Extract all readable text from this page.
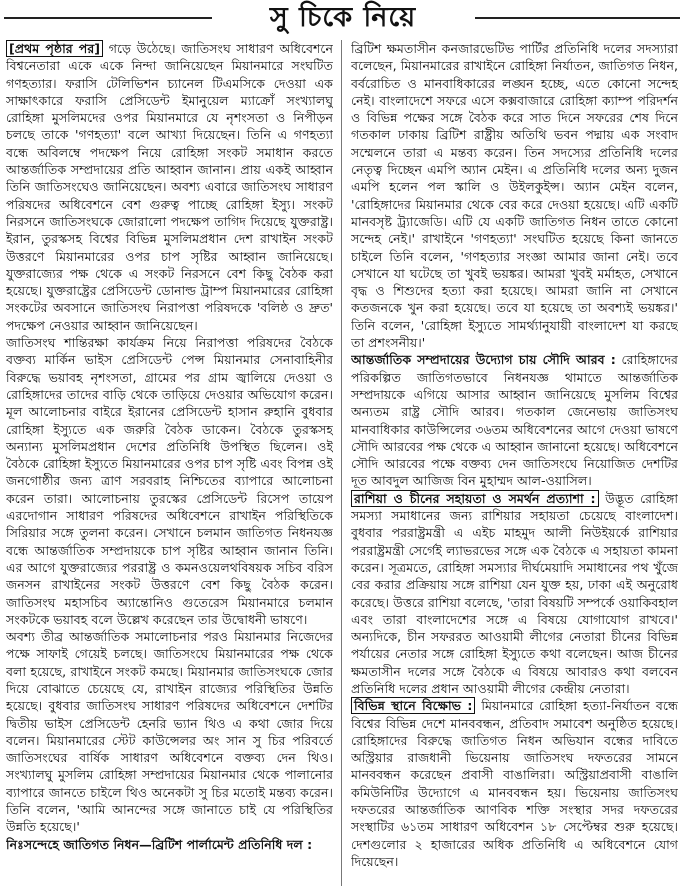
সু চিকে নিয়ে

[প্রথম পৃষ্ঠার পর] গড়ে উঠেছে। জাতিসংঘ সাধারণ অধিবেশনে বিশ্বনেতারা একে একে নিন্দা জানিয়েছেন মিয়ানমারে সংঘটিত গণহত্যার। ফরাসি টেলিভিশন চ্যানেল টিএমসিকে দেওয়া এক সাক্ষাৎকারে ফরাসি প্রেসিডেন্ট ইমানুয়েল ম্যাক্রোঁ সংখ্যালঘু রোহিঙ্গা মুসলিমদের ওপর মিয়ানমারে যে নৃশংসতা ও নিপীড়ন চলছে তাকে 'গণহত্যা' বলে আখ্যা দিয়েছেন। তিনি এ গণহত্যা বন্ধে অবিলম্বে পদক্ষেপ নিয়ে রোহিঙ্গা সংকট সমাধান করতে আন্তর্জাতিক সম্প্রদায়ের প্রতি আহ্বান জানান। প্রায় একই আহ্বান তিনি জাতিসংঘেও জানিয়েছেন। অবশ্য এবারে জাতিসংঘ সাধারণ পরিষদের অধিবেশনে বেশ গুরুত্ব পাচ্ছে রোহিঙ্গা ইস্যু। সংকট নিরসনে জাতিসংঘকে জোরালো পদক্ষেপ তাগিদ দিয়েছে যুক্তরাষ্ট্র। ইরান, তুরস্কসহ বিশ্বের বিভিন্ন মুসলিমপ্রধান দেশ রাখাইন সংকট উত্তরণে মিয়ানমারের ওপর চাপ সৃষ্টির আহ্বান জানিয়েছে। যুক্তরাজ্যের পক্ষ থেকে এ সংকট নিরসনে বেশ কিছু বৈঠক করা হয়েছে। যুক্তরাষ্ট্রের প্রেসিডেন্ট ডোনাল্ড ট্রাম্প মিয়ানমারের রোহিঙ্গা সংকটের অবসানে জাতিসংঘ নিরাপত্তা পরিষদকে 'বলিষ্ঠ ও দ্রুত' পদক্ষেপ নেওয়ার আহ্বান জানিয়েছেন।

জাতিসংঘ শান্তিরক্ষা কার্যক্রম নিয়ে নিরাপত্তা পরিষদের বৈঠকে বক্তব্য মার্কিন ভাইস প্রেসিডেন্ট পেন্স মিয়ানমার সেনাবাহিনীর বিরুদ্ধে ভয়াবহ নৃশংসতা, গ্রামের পর গ্রাম জ্বালিয়ে দেওয়া ও রোহিঙ্গাদের তাদের বাড়ি থেকে তাড়িয়ে দেওয়ার অভিযোগ করেন। মূল আলোচনার বাইরে ইরানের প্রেসিডেন্ট হাসান রুহানি বুধবার রোহিঙ্গা ইস্যুতে এক জরুরি বৈঠক ডাকেন। বৈঠকে তুরস্কসহ অন্যান্য মুসলিমপ্রধান দেশের প্রতিনিধি উপস্থিত ছিলেন। ওই বৈঠকে রোহিঙ্গা ইস্যুতে মিয়ানমারের ওপর চাপ সৃষ্টি এবং বিপন্ন ওই জনগোষ্ঠীর জন্য ত্রাণ সরবরাহ নিশ্চিতের ব্যাপারে আলোচনা করেন তারা। আলোচনায় তুরস্কের প্রেসিডেন্ট রিসেপ তায়েপ এরদোগান সাধারণ পরিষদের অধিবেশনে রাখাইন পরিস্থিতিকে সিরিয়ার সঙ্গে তুলনা করেন। সেখানে চলমান জাতিগত নিধনযজ্ঞ বন্ধে আন্তর্জাতিক সম্প্রদায়কে চাপ সৃষ্টির আহ্বান জানান তিনি। এর আগে যুক্তরাজ্যের পররাষ্ট্র ও কমনওয়েলথবিষয়ক সচিব বরিস জনসন রাখাইনের সংকট উত্তরণে বেশ কিছু বৈঠক করেন। জাতিসংঘ মহাসচিব অ্যান্তোনিও গুতেরেস মিয়ানমারে চলমান সংকটকে ভয়াবহ বলে উল্লেখ করেছেন তার উদ্বোধনী ভাষণে।

অবশ্য তীব্র আন্তর্জাতিক সমালোচনার পরও মিয়ানমার নিজেদের পক্ষে সাফাই গেয়েই চলছে। জাতিসংঘে মিয়ানমারের পক্ষ থেকে বলা হয়েছে, রাখাইনে সংকট কমছে। মিয়ানমার জাতিসংঘকে জোর দিয়ে বোঝাতে চেয়েছে যে, রাখাইন রাজ্যের পরিস্থিতির উন্নতি হয়েছে। বুধবার জাতিসংঘ সাধারণ পরিষদের অধিবেশনে দেশটির দ্বিতীয় ভাইস প্রেসিডেন্ট হেনরি ভ্যান থিও এ কথা জোর দিয়ে বলেন। মিয়ানমারের স্টেট কাউন্সেলর অং সান সু চির পরিবর্তে জাতিসংঘের বার্ষিক সাধারণ অধিবেশনে বক্তব্য দেন থিও। সংখ্যালঘু মুসলিম রোহিঙ্গা সম্প্রদায়ের মিয়ানমার থেকে পালানোর ব্যাপারে জানতে চাইলে থিও অনেকটা সু চির মতোই মন্তব্য করেন। তিনি বলেন, 'আমি আনন্দের সঙ্গে জানাতে চাই যে পরিস্থিতির উন্নতি হয়েছে।'

নিঃসন্দেহে জাতিগত নিধন—ব্রিটিশ পার্লামেন্ট প্রতিনিধি দল :

ব্রিটিশ ক্ষমতাসীন কনজারভেটিভ পার্টির প্রতিনিধি দলের সদস্যারা বলেছেন, মিয়ানমারের রাখাইনে রোহিঙ্গা নির্যাতন, জাতিগত নিধন, বর্বরোচিত ও মানবাধিকারের লঙ্ঘন হচ্ছে, এতে কোনো সন্দেহ নেই। বাংলাদেশে সফরে এসে কক্সবাজারে রোহিঙ্গা ক্যাম্প পরিদর্শন ও বিভিন্ন পক্ষের সঙ্গে বৈঠক করে সাত দিনে সফরের শেষ দিনে গতকাল ঢাকায় ব্রিটিশ রাষ্ট্রীয় অতিথি ভবন পদ্মায় এক সংবাদ সম্মেলনে তারা এ মন্তব্য করেন। তিন সদস্যের প্রতিনিধি দলের নেতৃত্ব দিচ্ছেন এমপি অ্যান মেইন। এ প্রতিনিধি দলের অন্য দুজন এমপি হলেন পল স্কালি ও উইলকুইন্স। অ্যান মেইন বলেন, 'রোহিঙ্গাদের মিয়ানমার থেকে বের করে দেওয়া হয়েছে। এটি একটি মানবসৃষ্ট ট্র্যাজেডি। এটি যে একটি জাতিগত নিধন তাতে কোনো সন্দেহ নেই।' রাখাইনে 'গণহত্যা' সংঘটিত হয়েছে কিনা জানতে চাইলে তিনি বলেন, 'গণহত্যার সংজ্ঞা আমার জানা নেই। তবে সেখানে যা ঘটেছে তা খুবই ভয়ঙ্কর। আমরা খুবই মর্মাহত, সেখানে বৃদ্ধ ও শিশুদের হত্যা করা হয়েছে। আমরা জানি না সেখানে কতজনকে খুন করা হয়েছে। তবে যা হয়েছে তা অবশ্যই ভয়ঙ্কর।' তিনি বলেন, 'রোহিঙ্গা ইস্যুতে সামর্থ্যানুযায়ী বাংলাদেশ যা করছে তা প্রশংসনীয়।'

আন্তর্জাতিক সম্প্রদায়ের উদ্যোগ চায় সৌদি আরব : রোহিঙ্গাদের পরিকল্পিত জাতিগতভাবে নিধনযজ্ঞ থামাতে আন্তর্জাতিক সম্প্রদায়কে এগিয়ে আসার আহ্বান জানিয়েছে মুসলিম বিশ্বের অন্যতম রাষ্ট্র সৌদি আরব। গতকাল জেনেভায় জাতিসংঘ মানবাধিকার কাউন্সিলের ৩৬তম অধিবেশনের আগে দেওয়া ভাষণে সৌদি আরবের পক্ষ থেকে এ আহ্বান জানানো হয়েছে। অধিবেশনে সৌদি আরবের পক্ষে বক্তব্য দেন জাতিসংঘে নিয়োজিত দেশটির দূত আবদুল আজিজ বিন মুহাম্মদ আল-ওয়াসিল।

রাশিয়া ও চীনের সহায়তা ও সমর্থন প্রত্যাশা : উদ্ভূত রোহিঙ্গা সমস্যা সমাধানের জন্য রাশিয়ার সহায়তা চেয়েছে বাংলাদেশ। বুধবার পররাষ্ট্রমন্ত্রী এ এইচ মাহমুদ আলী নিউইয়র্কে রাশিয়ার পররাষ্ট্রমন্ত্রী সের্গেই ল্যাভরভের সঙ্গে এক বৈঠকে এ সহায়তা কামনা করেন। সূত্রমতে, রোহিঙ্গা সমস্যার দীর্ঘমেয়াদি সমাধানের পথ খুঁজে বের করার প্রক্রিয়ায় সঙ্গে রাশিয়া যেন যুক্ত হয়, ঢাকা এই অনুরোধ করেছে। উত্তরে রাশিয়া বলেছে, 'তারা বিষয়টি সম্পর্কে ওয়াকিবহাল এবং তারা বাংলাদেশের সঙ্গে এ বিষয়ে যোগাযোগ রাখবে।' অন্যদিকে, চীন সফররত আওয়ামী লীগের নেতারা চীনের বিভিন্ন পর্যায়ের নেতার সঙ্গে রোহিঙ্গা ইস্যুতে কথা বলেছেন। আজ চীনের ক্ষমতাসীন দলের সঙ্গে বৈঠকে এ বিষয়ে আবারও কথা বলবেন প্রতিনিধি দলের প্রধান আওয়ামী লীগের কেন্দ্রীয় নেতারা।

বিভিন্ন স্থানে বিক্ষোভ : মিয়ানমারে রোহিঙ্গা হত্যা-নির্যাতন বন্ধে বিশ্বের বিভিন্ন দেশে মানববন্ধন, প্রতিবাদ সমাবেশ অনুষ্ঠিত হয়েছে। রোহিঙ্গাদের বিরুদ্ধে জাতিগত নিধন অভিযান বন্ধের দাবিতে অস্ট্রিয়ার রাজধানী ভিয়েনায় জাতিসংঘ দফতরের সামনে মানববন্ধন করেছেন প্রবাসী বাঙালিরা। অস্ট্রিয়াপ্রবাসী বাঙালি কমিউনিটির উদ্যোগে এ মানববন্ধন হয়। ভিয়েনায় জাতিসংঘ দফতরের আন্তর্জাতিক আণবিক শক্তি সংস্থার সদর দফতরের সংস্থাটির ৬১তম সাধারণ অধিবেশন ১৮ সেপ্টেম্বর শুরু হয়েছে। দেশগুলোর ২ হাজারের অধিক প্রতিনিধি এ অধিবেশনে যোগ দিয়েছেন।
